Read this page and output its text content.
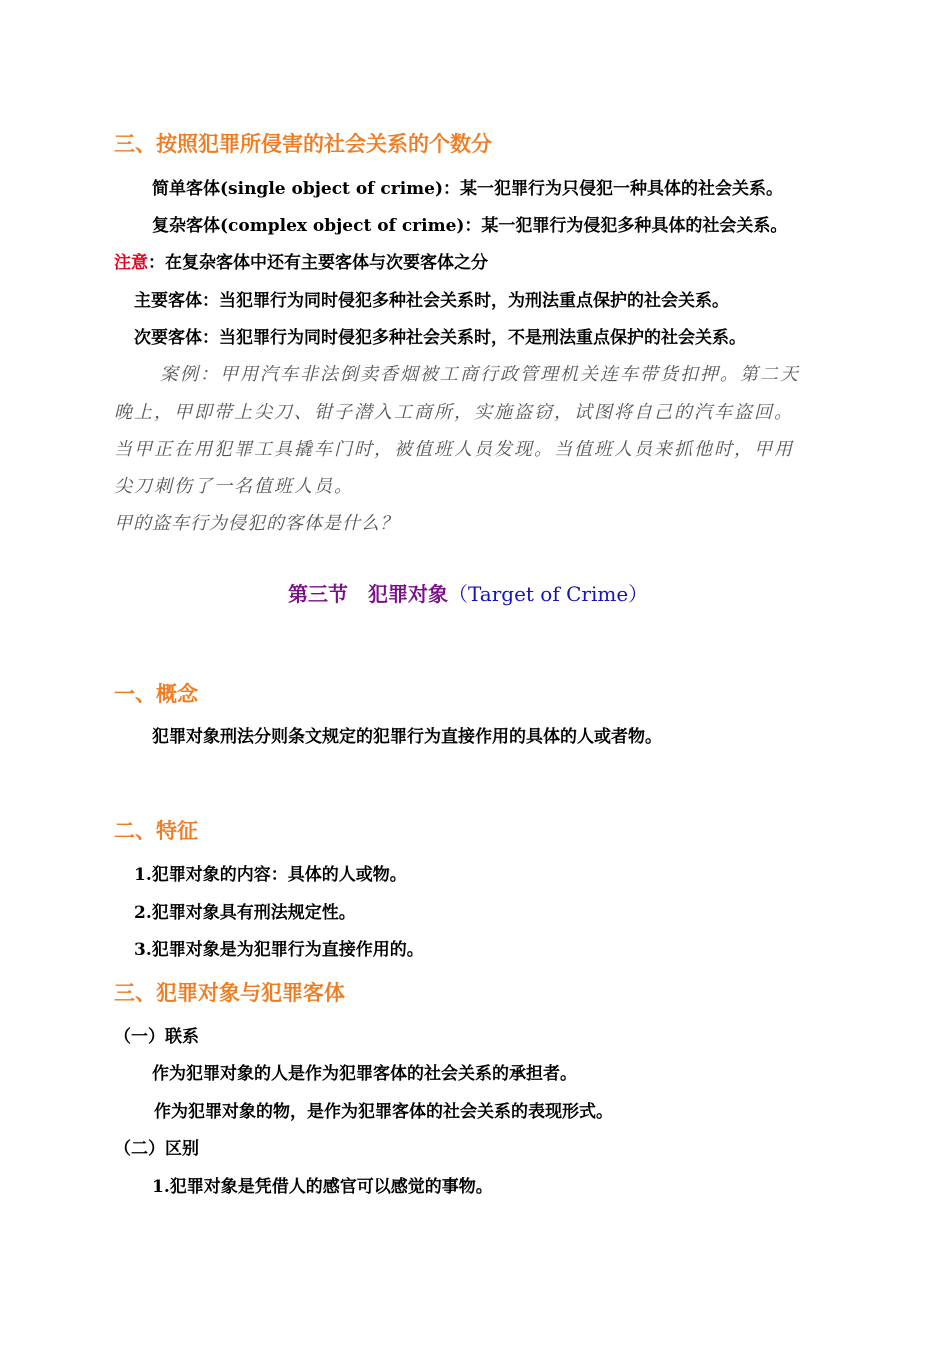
三、按照犯罪所侵害的社会关系的个数分
简单客体(single object of crime)：某一犯罪行为只侵犯一种具体的社会关系。
复杂客体(complex object of crime)：某一犯罪行为侵犯多种具体的社会关系。
注意：在复杂客体中还有主要客体与次要客体之分
主要客体：当犯罪行为同时侵犯多种社会关系时，为刑法重点保护的社会关系。
次要客体：当犯罪行为同时侵犯多种社会关系时，不是刑法重点保护的社会关系。
案例：甲用汽车非法倒卖香烟被工商行政管理机关连车带货扣押。第二天
晚上，甲即带上尖刀、钳子潜入工商所，实施盗窃，试图将自己的汽车盗回。
当甲正在用犯罪工具撬车门时，被值班人员发现。当值班人员来抓他时，甲用
尖刀刺伤了一名值班人员。
甲的盗车行为侵犯的客体是什么？
第三节　犯罪对象（Target of Crime）
一、概念
犯罪对象刑法分则条文规定的犯罪行为直接作用的具体的人或者物。
二、特征
1.犯罪对象的内容：具体的人或物。
2.犯罪对象具有刑法规定性。
3.犯罪对象是为犯罪行为直接作用的。
三、犯罪对象与犯罪客体
（一）联系
作为犯罪对象的人是作为犯罪客体的社会关系的承担者。
作为犯罪对象的物，是作为犯罪客体的社会关系的表现形式。
（二）区别
1.犯罪对象是凭借人的感官可以感觉的事物。
